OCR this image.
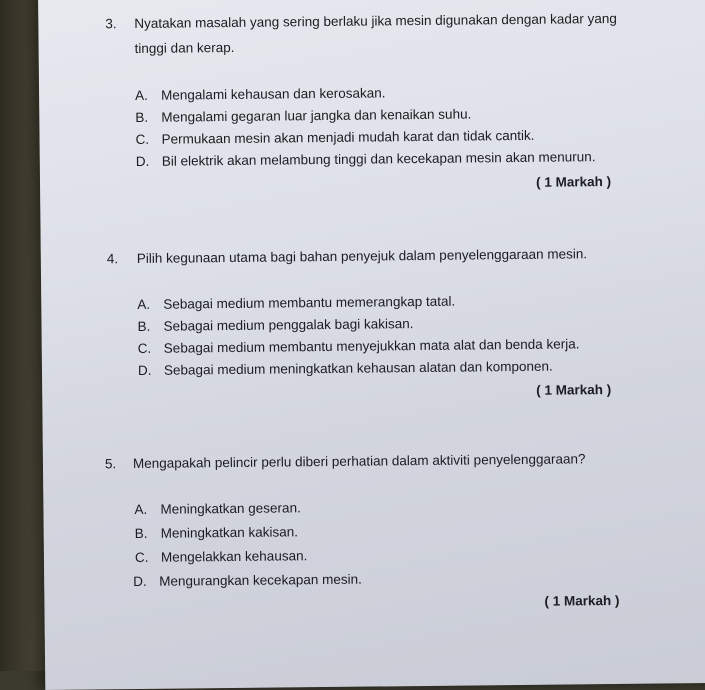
3. Nyatakan masalah yang sering berlaku jika mesin digunakan dengan kadar yang
tinggi dan kerap.
A. Mengalami kehausan dan kerosakan.
B. Mengalami gegaran luar jangka dan kenaikan suhu.
C. Permukaan mesin akan menjadi mudah karat dan tidak cantik.
D. Bil elektrik akan melambung tinggi dan kecekapan mesin akan menurun.
( 1 Markah )
4. Pilih kegunaan utama bagi bahan penyejuk dalam penyelenggaraan mesin.
A. Sebagai medium membantu memerangkap tatal.
B. Sebagai medium penggalak bagi kakisan.
C. Sebagai medium membantu menyejukkan mata alat dan benda kerja.
D. Sebagai medium meningkatkan kehausan alatan dan komponen.
( 1 Markah )
5. Mengapakah pelincir perlu diberi perhatian dalam aktiviti penyelenggaraan?
A. Meningkatkan geseran.
B. Meningkatkan kakisan.
C. Mengelakkan kehausan.
D. Mengurangkan kecekapan mesin.
( 1 Markah )
